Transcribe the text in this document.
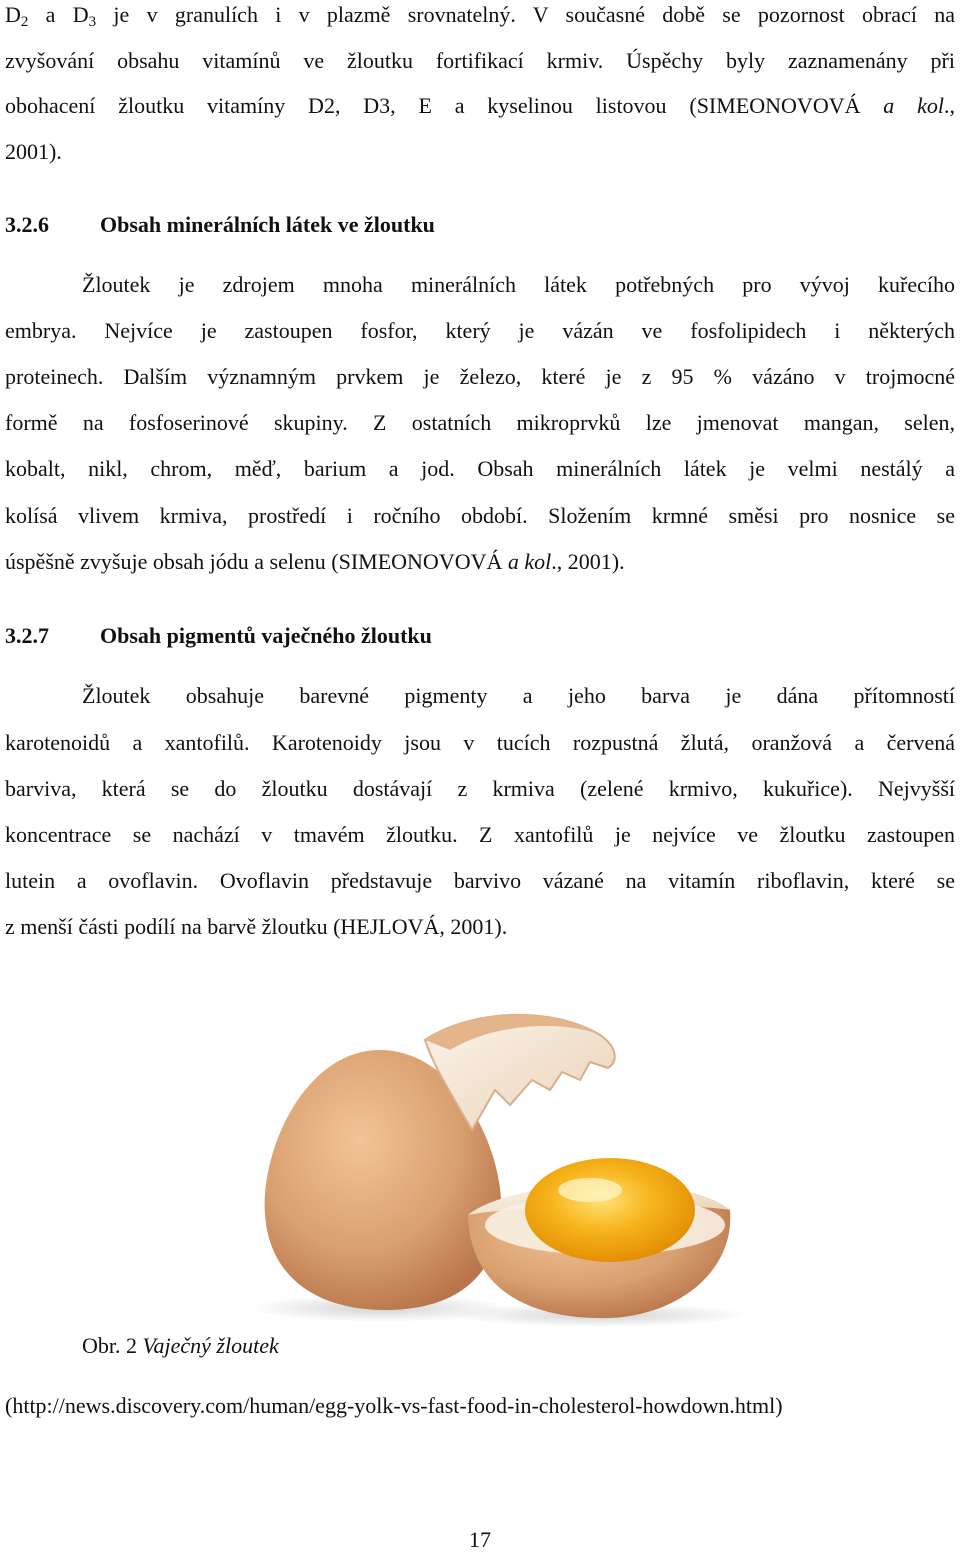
$D_2$ a $D_3$ je v granulích i v plazmě srovnatelný. V současné době se pozornost obrací na
zvyšování obsahu vitamínů ve žloutku fortifikací krmiv. Úspěchy byly zaznamenány při
obohacení žloutku vitamíny D2, D3, E a kyselinou listovou (SIMEONOVOVÁ a kol.,
2001).
3.2.6 Obsah minerálních látek ve žloutku
Žloutek je zdrojem mnoha minerálních látek potřebných pro vývoj kuřecího
embrya. Nejvíce je zastoupen fosfor, který je vázán ve fosfolipidech i některých
proteinech. Dalším významným prvkem je železo, které je z 95 % vázáno v trojmocné
formě na fosfoserinové skupiny. Z ostatních mikroprvků lze jmenovat mangan, selen,
kobalt, nikl, chrom, měď, barium a jod. Obsah minerálních látek je velmi nestálý a
kolísá vlivem krmiva, prostředí i ročního období. Složením krmné směsi pro nosnice se
úspěšně zvyšuje obsah jódu a selenu (SIMEONOVOVÁ a kol., 2001).
3.2.7 Obsah pigmentů vaječného žloutku
Žloutek obsahuje barevné pigmenty a jeho barva je dána přítomností
karotenoidů a xantofilů. Karotenoidy jsou v tucích rozpustná žlutá, oranžová a červená
barviva, která se do žloutku dostávají z krmiva (zelené krmivo, kukuřice). Nejvyšší
koncentrace se nachází v tmavém žloutku. Z xantofilů je nejvíce ve žloutku zastoupen
lutein a ovoflavin. Ovoflavin představuje barvivo vázané na vitamín riboflavin, které se
z menší části podílí na barvě žloutku (HEJLOVÁ, 2001).
Obr. 2 Vaječný žloutek
(http://news.discovery.com/human/egg-yolk-vs-fast-food-in-cholesterol-howdown.html)
17
